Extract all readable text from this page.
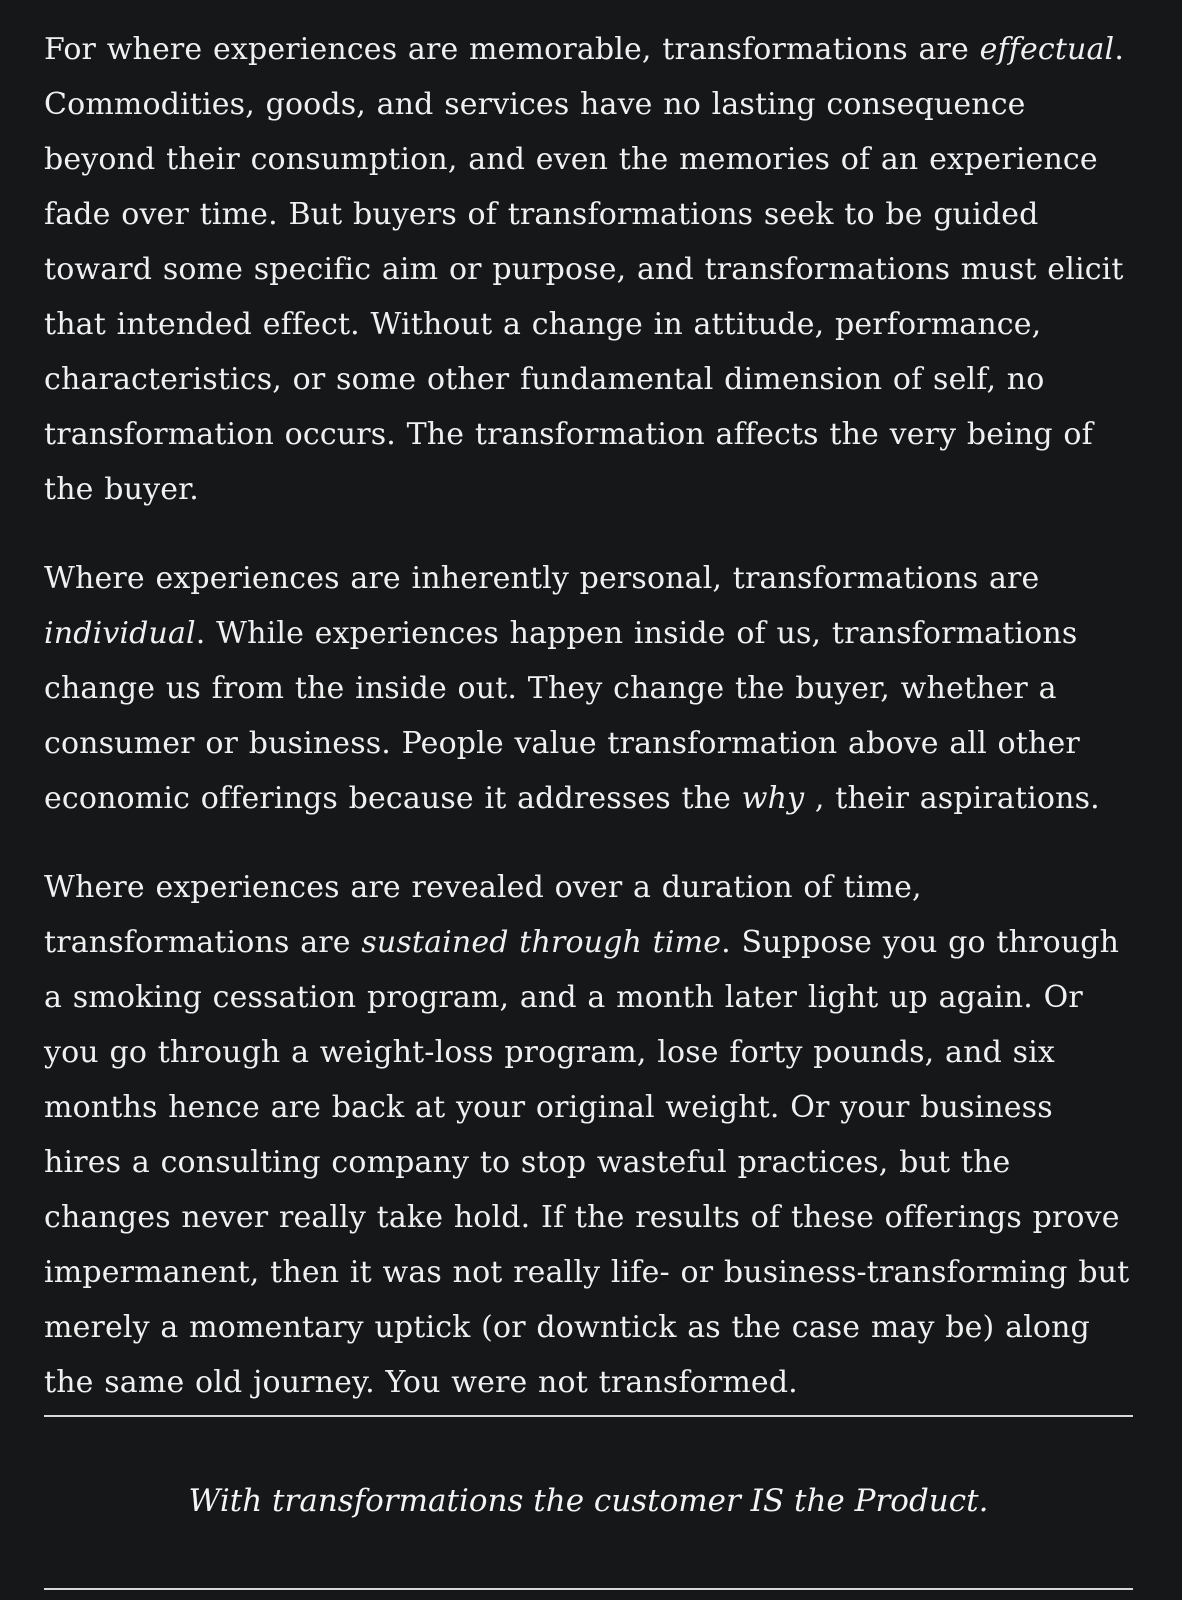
For where experiences are memorable, transformations are effectual. Commodities, goods, and services have no lasting consequence beyond their consumption, and even the memories of an experience fade over time. But buyers of transformations seek to be guided toward some specific aim or purpose, and transformations must elicit that intended effect. Without a change in attitude, performance, characteristics, or some other fundamental dimension of self, no transformation occurs. The transformation affects the very being of the buyer.

Where experiences are inherently personal, transformations are individual. While experiences happen inside of us, transformations change us from the inside out. They change the buyer, whether a consumer or business. People value transformation above all other economic offerings because it addresses the why , their aspirations.

Where experiences are revealed over a duration of time, transformations are sustained through time. Suppose you go through a smoking cessation program, and a month later light up again. Or you go through a weight-loss program, lose forty pounds, and six months hence are back at your original weight. Or your business hires a consulting company to stop wasteful practices, but the changes never really take hold. If the results of these offerings prove impermanent, then it was not really life- or business-transforming but merely a momentary uptick (or downtick as the case may be) along the same old journey. You were not transformed.

With transformations the customer IS the Product.
